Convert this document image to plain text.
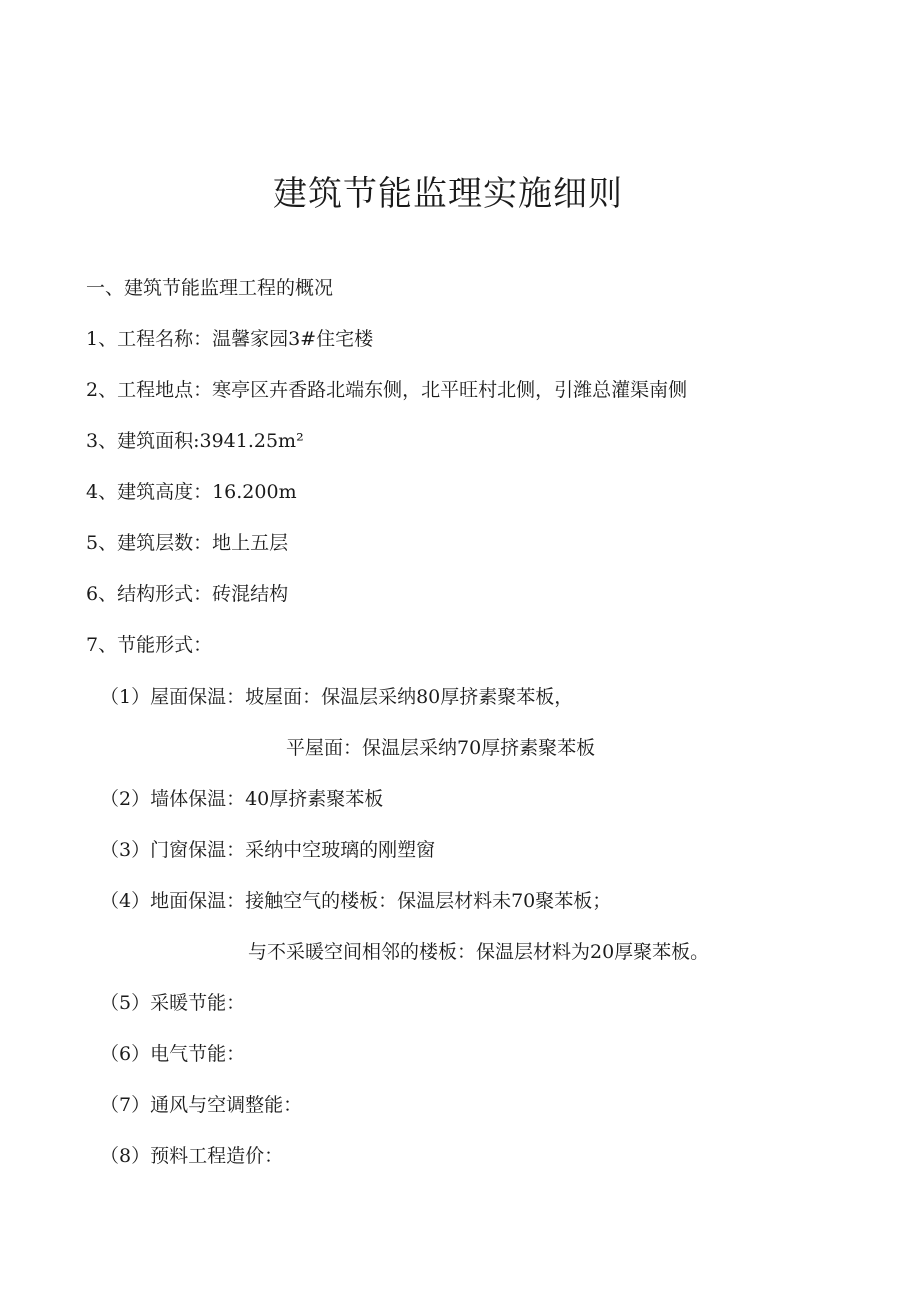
建筑节能监理实施细则
一、建筑节能监理工程的概况
1、工程名称：温馨家园3#住宅楼
2、工程地点：寒亭区卉香路北端东侧，北平旺村北侧，引潍总灌渠南侧
3、建筑面积:3941.25m²
4、建筑高度：16.200m
5、建筑层数：地上五层
6、结构形式：砖混结构
7、节能形式：
（1）屋面保温：坡屋面：保温层采纳80厚挤素聚苯板，
平屋面：保温层采纳70厚挤素聚苯板
（2）墙体保温：40厚挤素聚苯板
（3）门窗保温：采纳中空玻璃的刚塑窗
（4）地面保温：接触空气的楼板：保温层材料未70聚苯板；
与不采暖空间相邻的楼板：保温层材料为20厚聚苯板。
（5）采暖节能：
（6）电气节能：
（7）通风与空调整能：
（8）预料工程造价：
